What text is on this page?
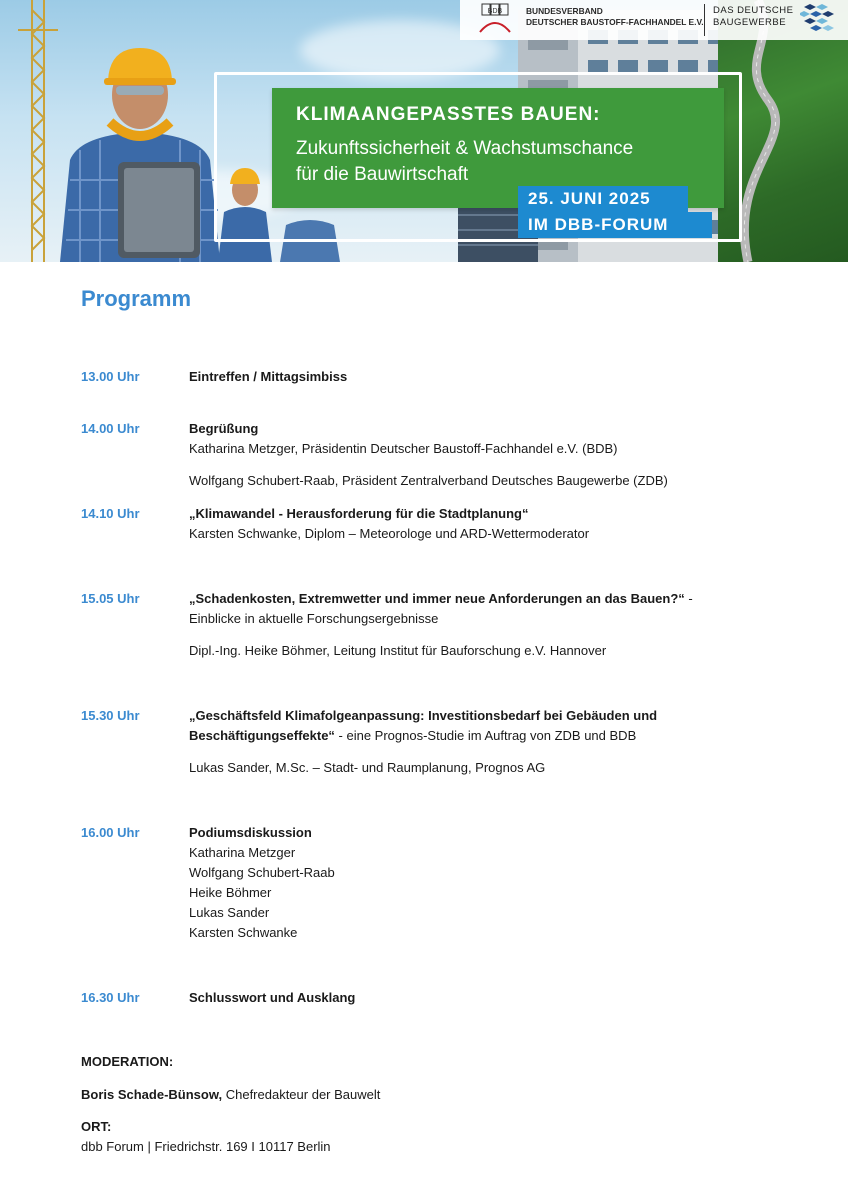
KLIMAANGEPASSTES BAUEN:
Zukunftssicherheit & Wachstumschance
für die Bauwirtschaft
25. JUNI 2025
IM DBB-FORUM
BDB	BUNDESVERBAND
DEUTSCHER BAUSTOFF-FACHHANDEL E.V.
DAS DEUTSCHE
BAUGEWERBE
Programm
13.00 Uhr	Eintreffen / Mittagsimbiss
14.00 Uhr	Begrüßung
Katharina Metzger, Präsidentin Deutscher Baustoff-Fachhandel e.V. (BDB)
Wolfgang Schubert-Raab, Präsident Zentralverband Deutsches Baugewerbe (ZDB)
14.10 Uhr	„Klimawandel - Herausforderung für die Stadtplanung“
Karsten Schwanke, Diplom – Meteorologe und ARD-Wettermoderator
15.05 Uhr	„Schadenkosten, Extremwetter und immer neue Anforderungen an das Bauen?“ -
Einblicke in aktuelle Forschungsergebnisse
Dipl.-Ing. Heike Böhmer, Leitung Institut für Bauforschung e.V. Hannover
15.30 Uhr	„Geschäftsfeld Klimafolgeanpassung: Investitionsbedarf bei Gebäuden und
Beschäftigungseffekte“ - eine Prognos-Studie im Auftrag von ZDB und BDB
Lukas Sander, M.Sc. – Stadt- und Raumplanung, Prognos AG
16.00 Uhr	Podiumsdiskussion
Katharina Metzger
Wolfgang Schubert-Raab
Heike Böhmer
Lukas Sander
Karsten Schwanke
16.30 Uhr	Schlusswort und Ausklang
MODERATION:
Boris Schade-Bünsow, Chefredakteur der Bauwelt
ORT:
dbb Forum | Friedrichstr. 169 I 10117 Berlin
